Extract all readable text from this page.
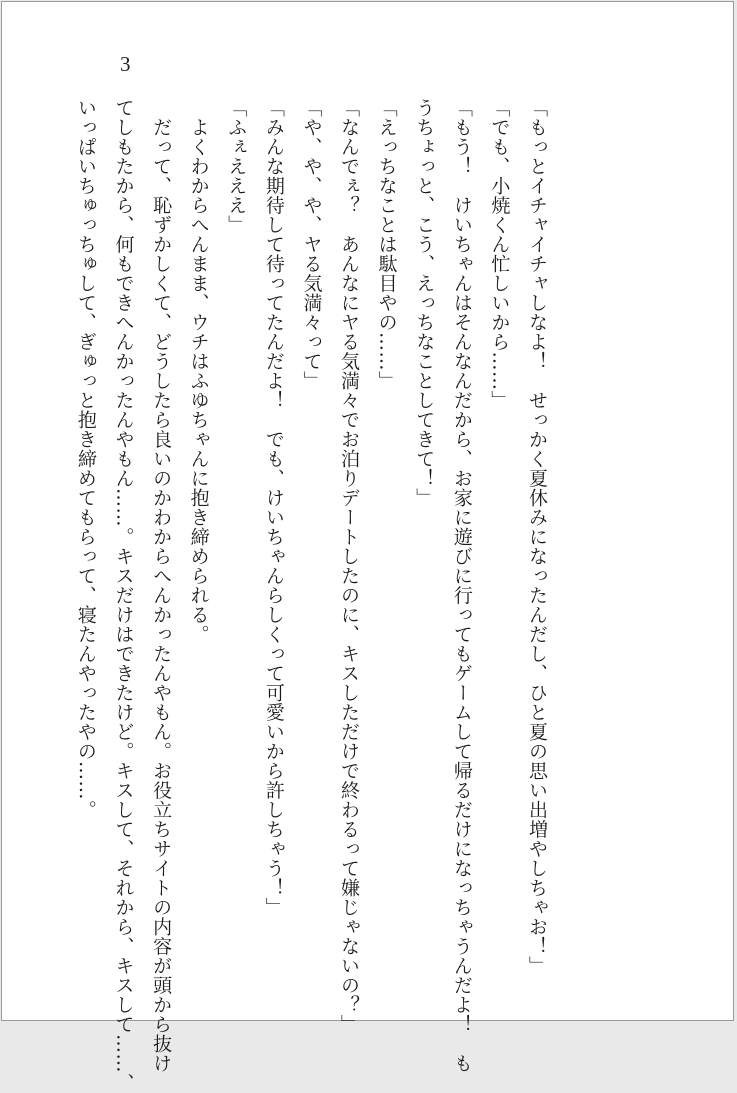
3
「もっとイチャイチャしなよ！　せっかく夏休みになったんだし、ひと夏の思い出増やしちゃお！」
「でも、小焼くん忙しいから……」
「もう！　けいちゃんはそんなんだから、お家に遊びに行ってもゲームして帰るだけになっちゃうんだよ！　も
うちょっと、こう、えっちなことしてきて！」
「えっちなことは駄目やの……」
「なんでぇ？　あんなにヤる気満々でお泊りデートしたのに、キスしただけで終わるって嫌じゃないの？」
「や、や、や、ヤる気満々って」
「みんな期待して待ってたんだよ！　でも、けいちゃんらしくって可愛いから許しちゃう！」
「ふぇえええ」
　よくわからへんまま、ウチはふゆちゃんに抱き締められる。
　だって、恥ずかしくて、どうしたら良いのかわからへんかったんやもん。お役立ちサイトの内容が頭から抜け
てしもたから、何もできへんかったんやもん……。キスだけはできたけど。キスして、それから、キスして……、
いっぱいちゅっちゅして、ぎゅっと抱き締めてもらって、寝たんやったやの……。
